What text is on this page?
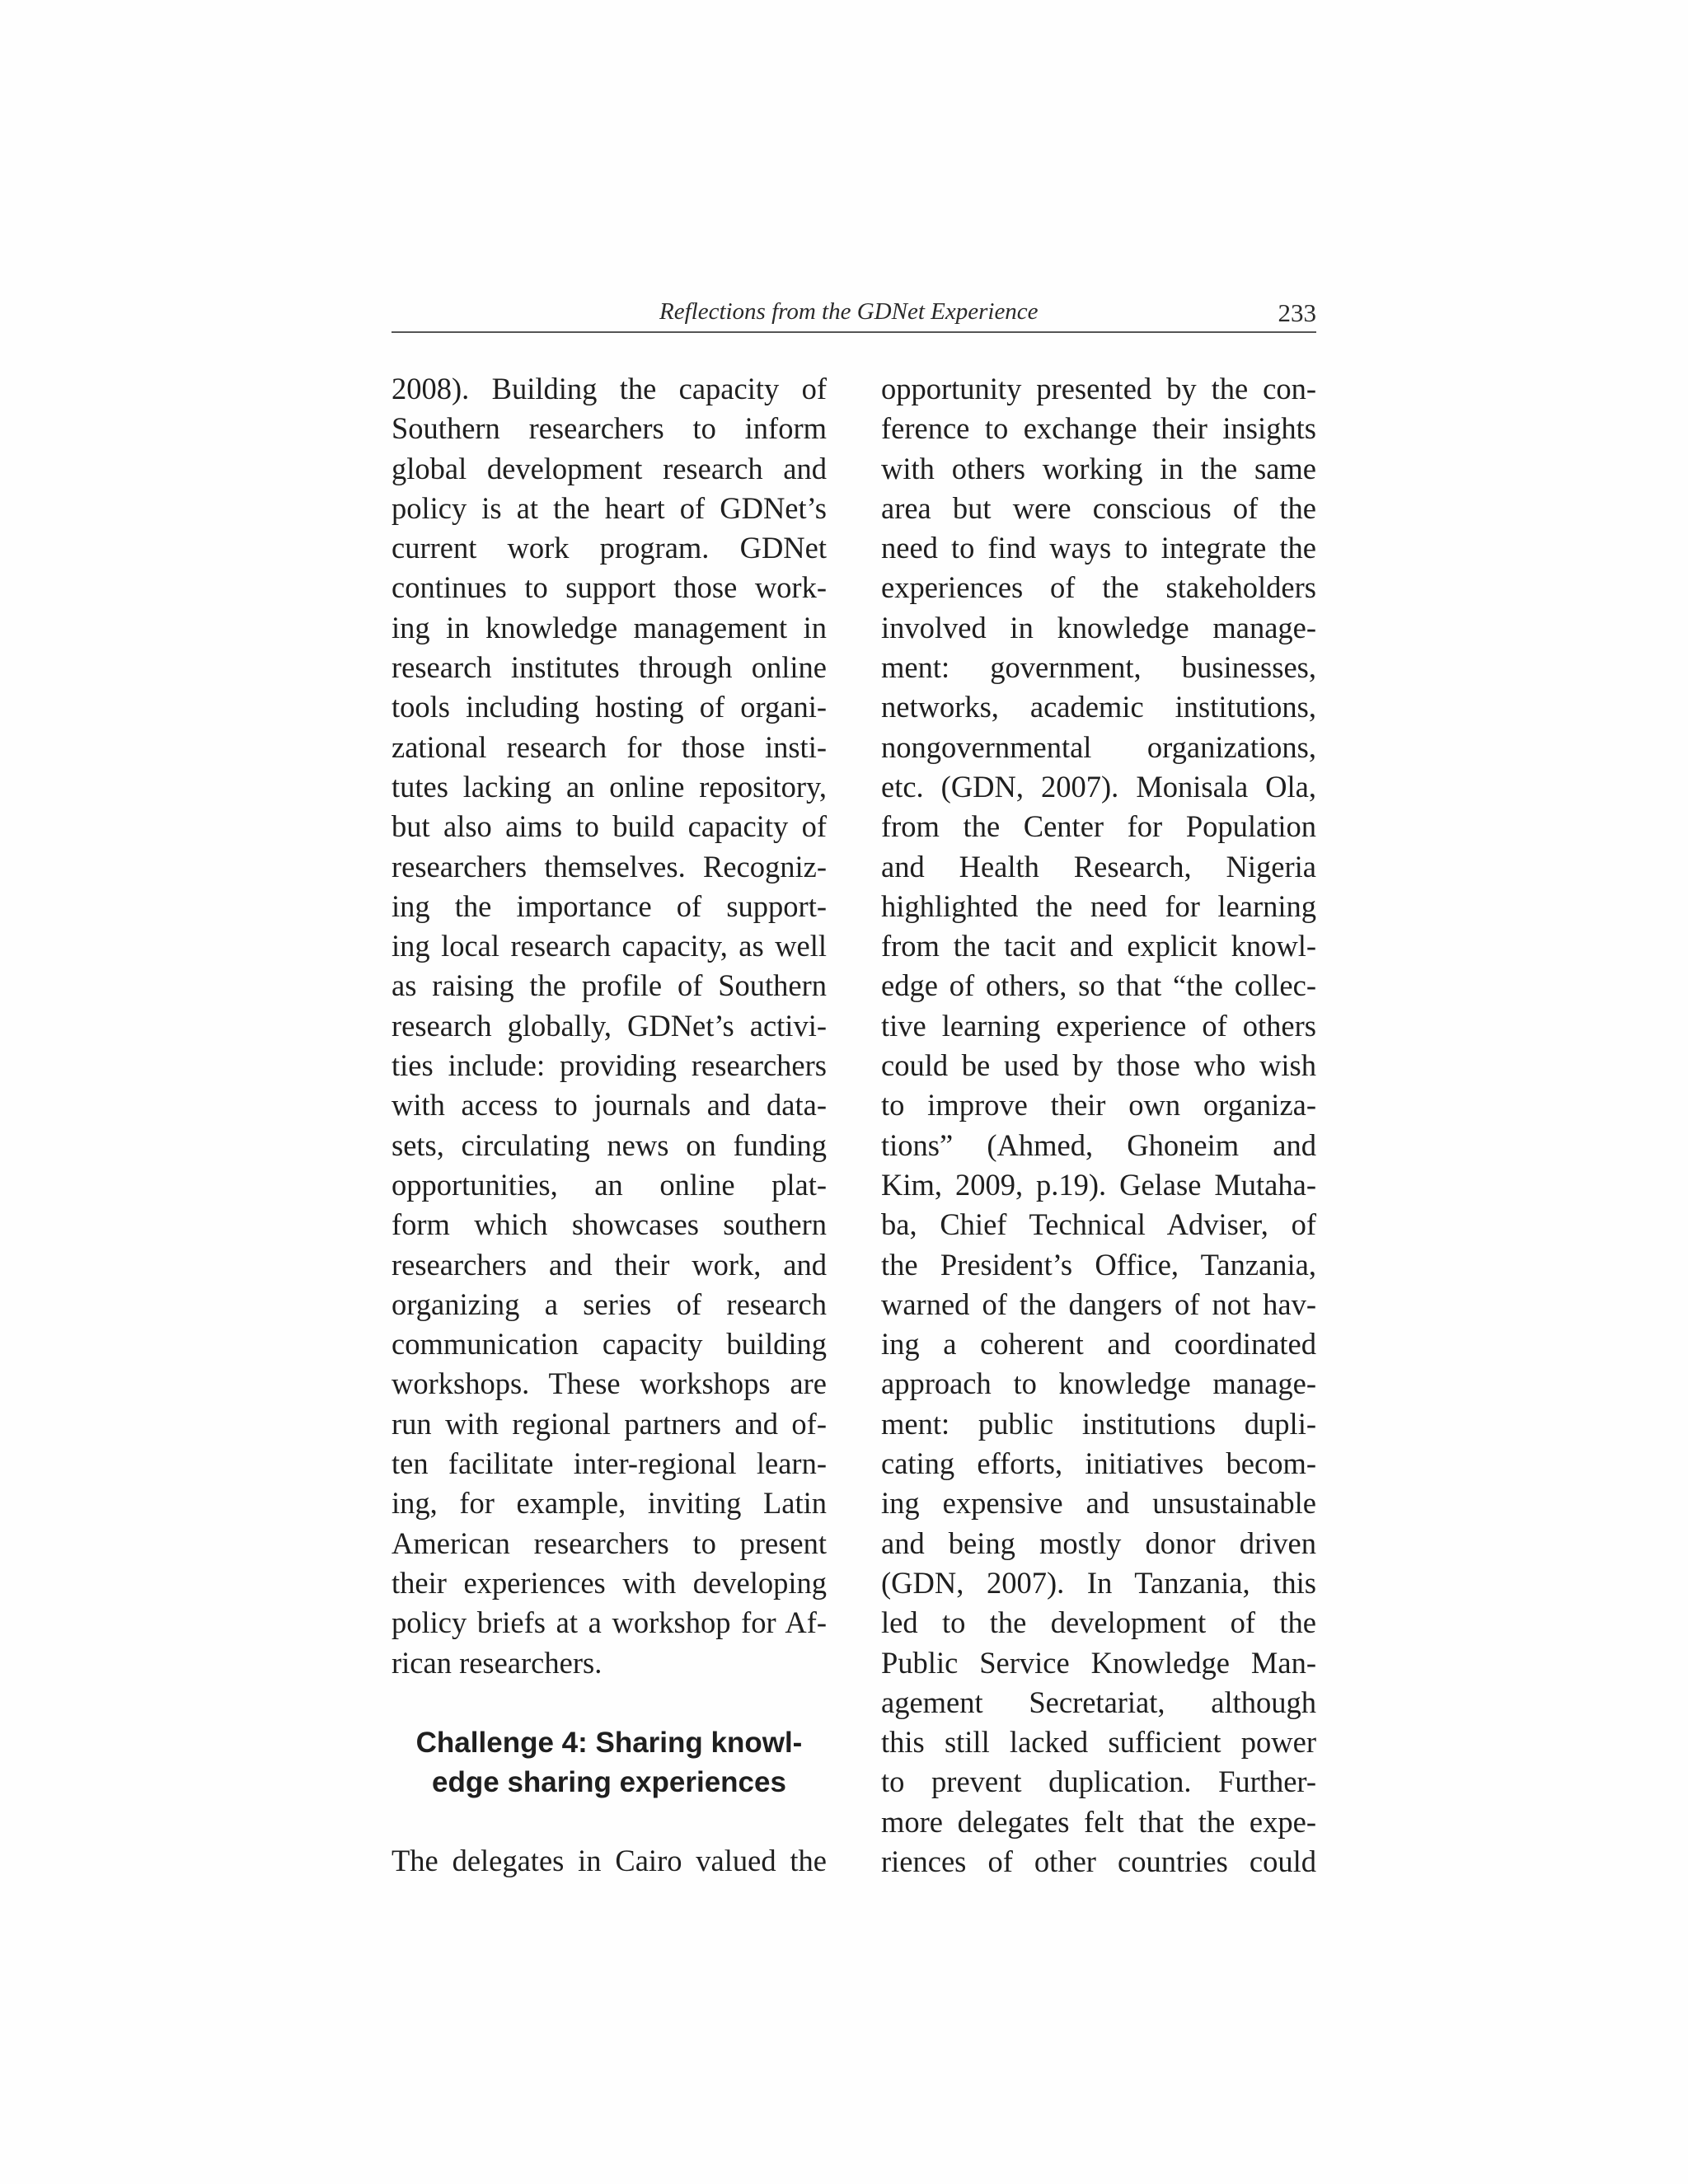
Reflections from the GDNet Experience	233
2008). Building the capacity of
Southern researchers to inform
global development research and
policy is at the heart of GDNet’s
current work program. GDNet
continues to support those work-
ing in knowledge management in
research institutes through online
tools including hosting of organi-
zational research for those insti-
tutes lacking an online repository,
but also aims to build capacity of
researchers themselves. Recogniz-
ing the importance of support-
ing local research capacity, as well
as raising the profile of Southern
research globally, GDNet’s activi-
ties include: providing researchers
with access to journals and data-
sets, circulating news on funding
opportunities, an online plat-
form which showcases southern
researchers and their work, and
organizing a series of research
communication capacity building
workshops. These workshops are
run with regional partners and of-
ten facilitate inter-regional learn-
ing, for example, inviting Latin
American researchers to present
their experiences with developing
policy briefs at a workshop for Af-
rican researchers.
Challenge 4: Sharing knowl-
edge sharing experiences
The delegates in Cairo valued the
opportunity presented by the con-
ference to exchange their insights
with others working in the same
area but were conscious of the
need to find ways to integrate the
experiences of the stakeholders
involved in knowledge manage-
ment: government, businesses,
networks, academic institutions,
nongovernmental organizations,
etc. (GDN, 2007). Monisala Ola,
from the Center for Population
and Health Research, Nigeria
highlighted the need for learning
from the tacit and explicit knowl-
edge of others, so that “the collec-
tive learning experience of others
could be used by those who wish
to improve their own organiza-
tions” (Ahmed, Ghoneim and
Kim, 2009, p.19). Gelase Mutaha-
ba, Chief Technical Adviser, of
the President’s Office, Tanzania,
warned of the dangers of not hav-
ing a coherent and coordinated
approach to knowledge manage-
ment: public institutions dupli-
cating efforts, initiatives becom-
ing expensive and unsustainable
and being mostly donor driven
(GDN, 2007). In Tanzania, this
led to the development of the
Public Service Knowledge Man-
agement Secretariat, although
this still lacked sufficient power
to prevent duplication. Further-
more delegates felt that the expe-
riences of other countries could
